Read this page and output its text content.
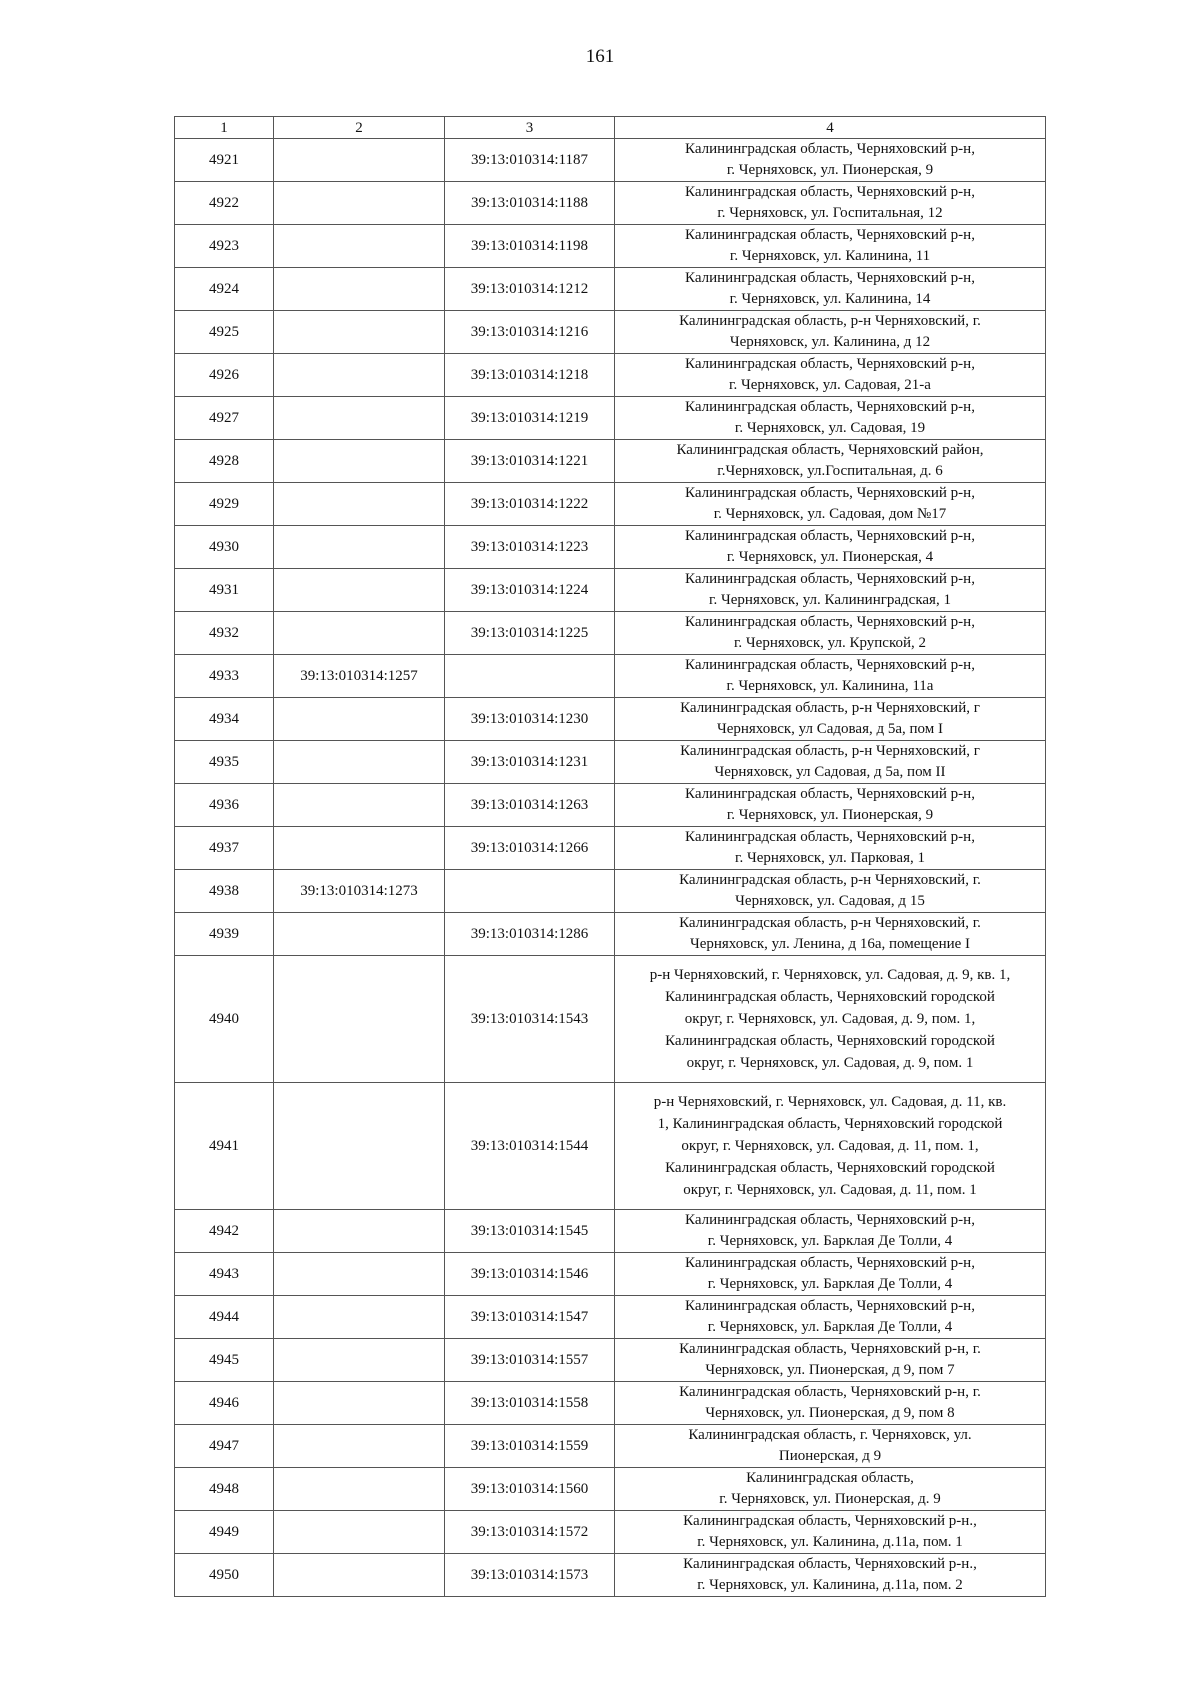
161
1	2	3	4
4921		39:13:010314:1187	Калининградская область, Черняховский р-н,
г. Черняховск, ул. Пионерская, 9
4922		39:13:010314:1188	Калининградская область, Черняховский р-н,
г. Черняховск, ул. Госпитальная, 12
4923		39:13:010314:1198	Калининградская область, Черняховский р-н,
г. Черняховск, ул. Калинина, 11
4924		39:13:010314:1212	Калининградская область, Черняховский р-н,
г. Черняховск, ул. Калинина, 14
4925		39:13:010314:1216	Калининградская область, р-н Черняховский, г.
Черняховск, ул. Калинина, д 12
4926		39:13:010314:1218	Калининградская область, Черняховский р-н,
г. Черняховск, ул. Садовая, 21-а
4927		39:13:010314:1219	Калининградская область, Черняховский р-н,
г. Черняховск, ул. Садовая, 19
4928		39:13:010314:1221	Калининградская область, Черняховский район,
г.Черняховск, ул.Госпитальная, д. 6
4929		39:13:010314:1222	Калининградская область, Черняховский р-н,
г. Черняховск, ул. Садовая, дом №17
4930		39:13:010314:1223	Калининградская область, Черняховский р-н,
г. Черняховск, ул. Пионерская, 4
4931		39:13:010314:1224	Калининградская область, Черняховский р-н,
г. Черняховск, ул. Калининградская, 1
4932		39:13:010314:1225	Калининградская область, Черняховский р-н,
г. Черняховск, ул. Крупской, 2
4933	39:13:010314:1257		Калининградская область, Черняховский р-н,
г. Черняховск, ул. Калинина, 11а
4934		39:13:010314:1230	Калининградская область, р-н Черняховский, г
Черняховск, ул Садовая, д 5а, пом I
4935		39:13:010314:1231	Калининградская область, р-н Черняховский, г
Черняховск, ул Садовая, д 5а, пом II
4936		39:13:010314:1263	Калининградская область, Черняховский р-н,
г. Черняховск, ул. Пионерская, 9
4937		39:13:010314:1266	Калининградская область, Черняховский р-н,
г. Черняховск, ул. Парковая, 1
4938	39:13:010314:1273		Калининградская область, р-н Черняховский, г.
Черняховск, ул. Садовая, д 15
4939		39:13:010314:1286	Калининградская область, р-н Черняховский, г.
Черняховск, ул. Ленина, д 16а, помещение I
4940		39:13:010314:1543	р-н Черняховский, г. Черняховск, ул. Садовая, д. 9, кв. 1,
Калининградская область, Черняховский городской
округ, г. Черняховск, ул. Садовая, д. 9, пом. 1,
Калининградская область, Черняховский городской
округ, г. Черняховск, ул. Садовая, д. 9, пом. 1
4941		39:13:010314:1544	р-н Черняховский, г. Черняховск, ул. Садовая, д. 11, кв.
1, Калининградская область, Черняховский городской
округ, г. Черняховск, ул. Садовая, д. 11, пом. 1,
Калининградская область, Черняховский городской
округ, г. Черняховск, ул. Садовая, д. 11, пом. 1
4942		39:13:010314:1545	Калининградская область, Черняховский р-н,
г. Черняховск, ул. Барклая Де Толли, 4
4943		39:13:010314:1546	Калининградская область, Черняховский р-н,
г. Черняховск, ул. Барклая Де Толли, 4
4944		39:13:010314:1547	Калининградская область, Черняховский р-н,
г. Черняховск, ул. Барклая Де Толли, 4
4945		39:13:010314:1557	Калининградская область, Черняховский р-н, г.
Черняховск, ул. Пионерская, д 9, пом 7
4946		39:13:010314:1558	Калининградская область, Черняховский р-н, г.
Черняховск, ул. Пионерская, д 9, пом 8
4947		39:13:010314:1559	Калининградская область, г. Черняховск, ул.
Пионерская, д 9
4948		39:13:010314:1560	Калининградская область,
г. Черняховск, ул. Пионерская, д. 9
4949		39:13:010314:1572	Калининградская область, Черняховский р-н.,
г. Черняховск, ул. Калинина, д.11а, пом. 1
4950		39:13:010314:1573	Калининградская область, Черняховский р-н.,
г. Черняховск, ул. Калинина, д.11а, пом. 2
